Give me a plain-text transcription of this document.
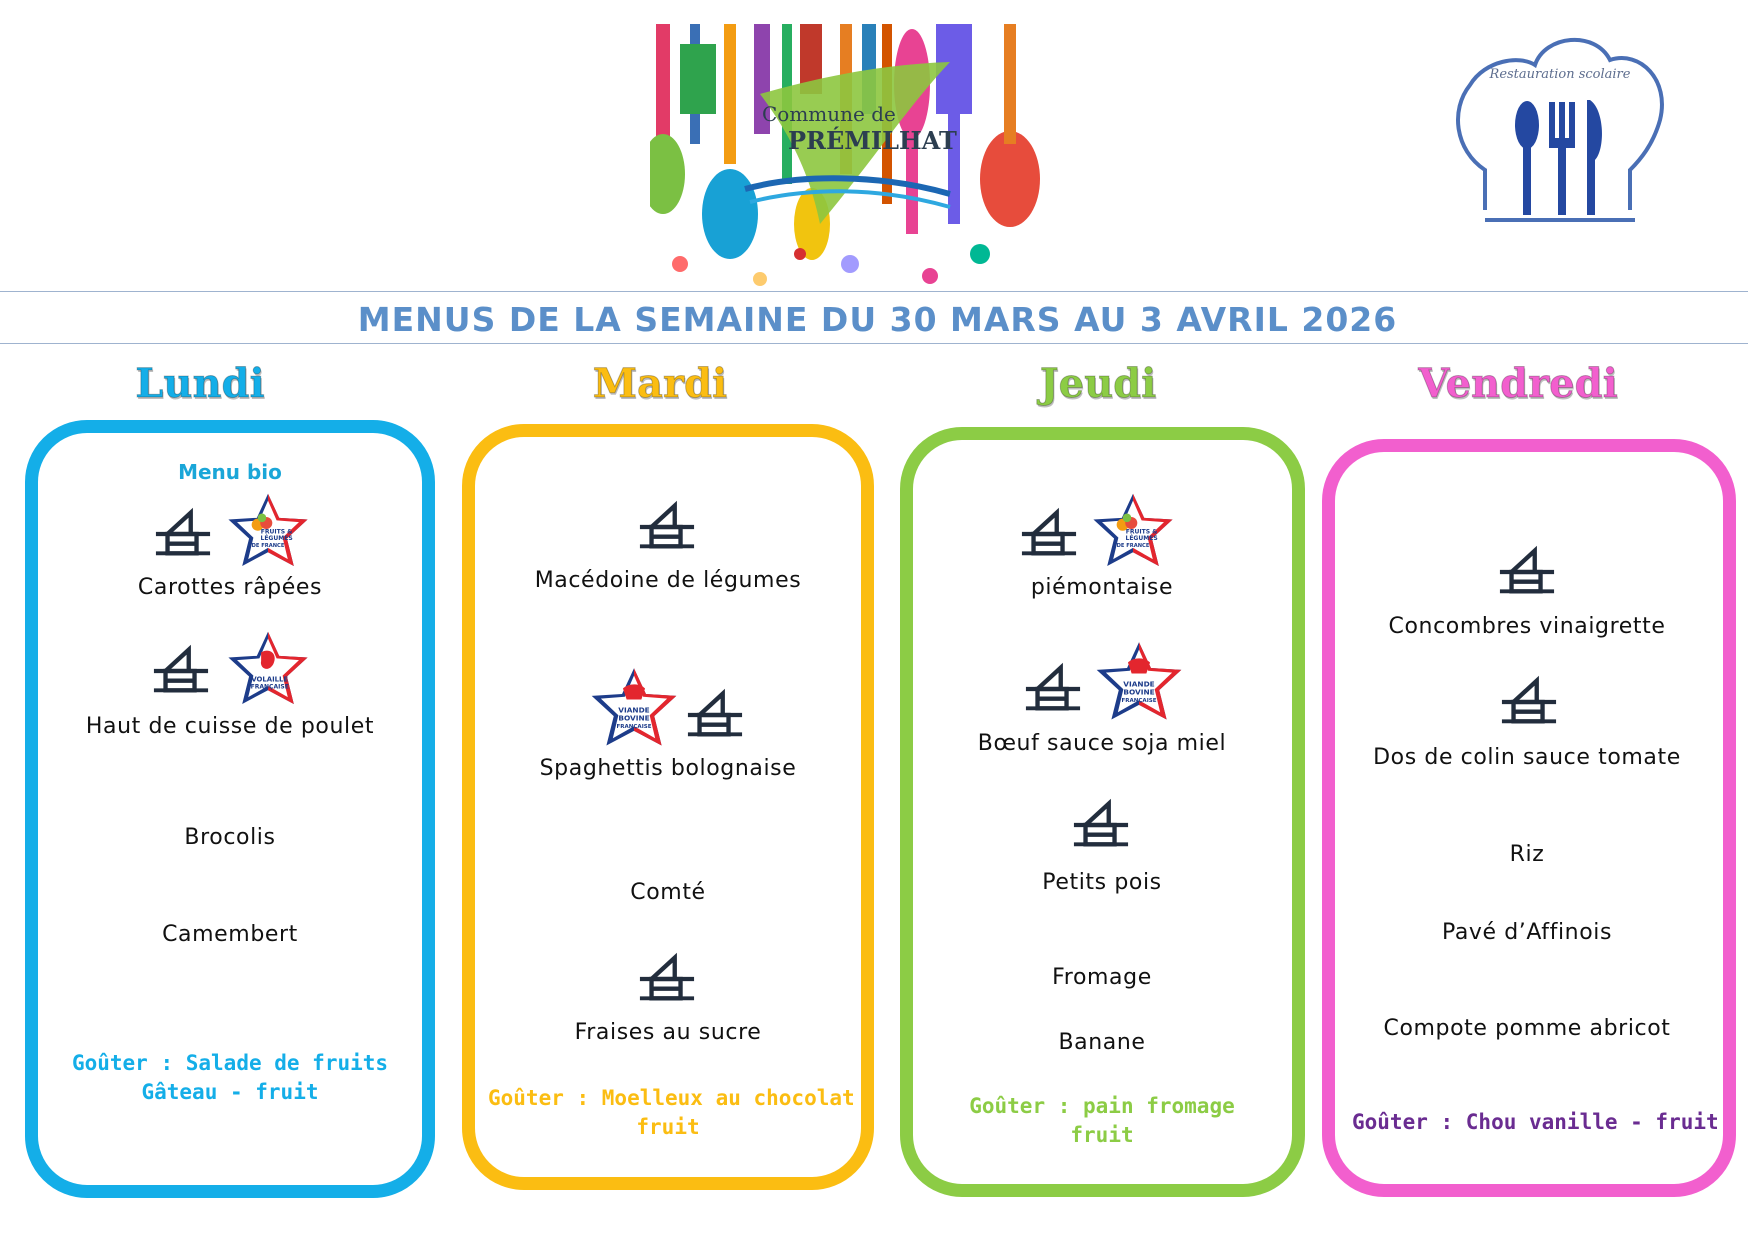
Commune de
PRÉMILHAT
Restauration scolaire
MENUS DE LA SEMAINE DU 30 MARS AU 3 AVRIL 2026
Lundi	Mardi	Jeudi	Vendredi
Menu bio
FRUITS &
LÉGUMES
DE FRANCE
Carottes râpées
VOLAILLE
FRANÇAISE
Haut de cuisse de poulet
Brocolis
Camembert
Goûter : Salade de fruits
Gâteau - fruit
Macédoine de légumes
VIANDE
BOVINE
FRANÇAISE
Spaghettis bolognaise
Comté
Fraises au sucre
Goûter : Moelleux au chocolat
fruit
FRUITS &
LÉGUMES
DE FRANCE
piémontaise
VIANDE
BOVINE
FRANÇAISE
Bœuf sauce soja miel
Petits pois
Fromage
Banane
Goûter : pain fromage
fruit
Concombres vinaigrette
Dos de colin sauce tomate
Riz
Pavé d’Affinois
Compote pomme abricot
Goûter : Chou vanille - fruit
